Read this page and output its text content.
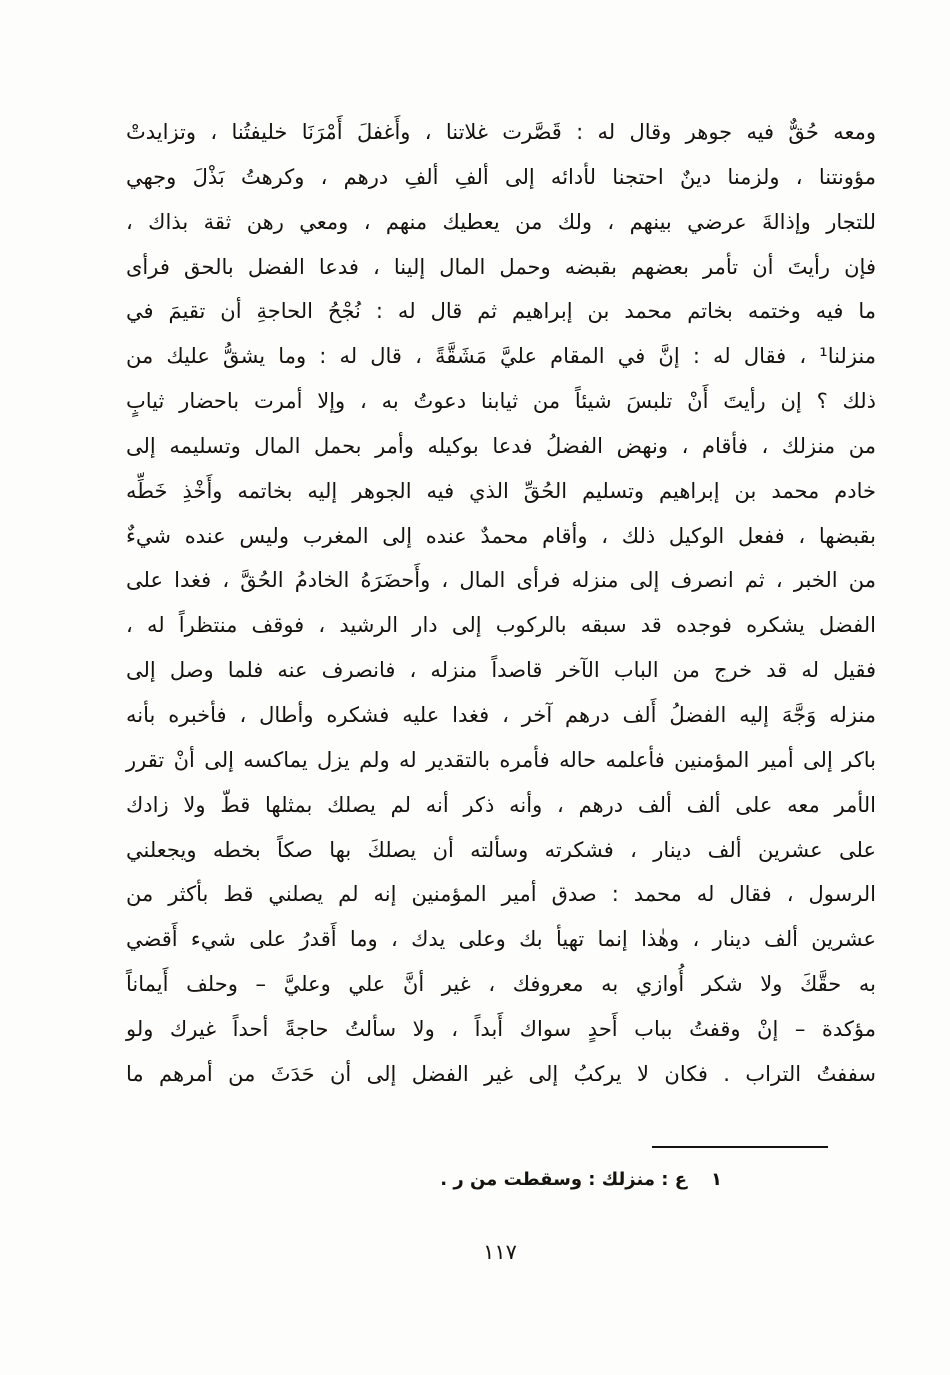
ومعه حُقٌّ فيه جوهر وقال له : قَصَّرت غلاتنا ، وأَغفلَ أَمْرَنَا خليفتُنا ، وتزايدتْ
مؤونتنا ، ولزمنا دينٌ احتجنا لأدائه إلى ألفِ ألفِ درهم ، وكرهتُ بَذْلَ وجهي
للتجار وإذالةَ عرضي بينهم ، ولك من يعطيك منهم ، ومعي رهن ثقة بذاك ،
فإن رأيتَ أن تأمر بعضهم بقبضه وحمل المال إلينا ، فدعا الفضل بالحق فرأى
ما فيه وختمه بخاتم محمد بن إبراهيم ثم قال له : نُجْحُ الحاجةِ أن تقيمَ في
منزلنا¹ ، فقال له : إنَّ في المقام عليَّ مَشَقَّةً ، قال له : وما يشقُّ عليك من
ذلك ؟ إن رأيتَ أَنْ تلبسَ شيئاً من ثيابنا دعوتُ به ، وإلا أمرت باحضار ثيابٍ
من منزلك ، فأقام ، ونهض الفضلُ فدعا بوكيله وأمر بحمل المال وتسليمه إلى
خادم محمد بن إبراهيم وتسليم الحُقِّ الذي فيه الجوهر إليه بخاتمه وأَخْذِ خَطِّه
بقبضها ، ففعل الوكيل ذلك ، وأقام محمدٌ عنده إلى المغرب وليس عنده شيءٌ
من الخبر ، ثم انصرف إلى منزله فرأى المال ، وأَحضَرَهُ الخادمُ الحُقَّ ، فغدا على
الفضل يشكره فوجده قد سبقه بالركوب إلى دار الرشيد ، فوقف منتظراً له ،
فقيل له قد خرج من الباب الآخر قاصداً منزله ، فانصرف عنه فلما وصل إلى
منزله وَجَّهَ إليه الفضلُ أَلف درهم آخر ، فغدا عليه فشكره وأطال ، فأخبره بأنه
باكر إلى أمير المؤمنين فأعلمه حاله فأمره بالتقدير له ولم يزل يماكسه إلى أنْ تقرر
الأمر معه على ألف ألف درهم ، وأنه ذكر أنه لم يصلك بمثلها قطّ ولا زادك
على عشرين ألف دينار ، فشكرته وسألته أن يصلكَ بها صكاً بخطه ويجعلني
الرسول ، فقال له محمد : صدق أمير المؤمنين إنه لم يصلني قط بأكثر من
عشرين ألف دينار ، وهٰذا إنما تهيأ بك وعلى يدك ، وما أَقدرُ على شيء أَقضي
به حقَّكَ ولا شكر أُوازي به معروفك ، غير أنَّ علي وعليَّ – وحلف أَيماناً
مؤكدة – إنْ وقفتُ بباب أَحدٍ سواك أَبداً ، ولا سألتُ حاجةً أحداً غيرك ولو
سففتُ التراب . فكان لا يركبُ إلى غير الفضل إلى أن حَدَثَ من أمرهم ما
١
ع : منزلك : وسقطت من ر .
١١٧
